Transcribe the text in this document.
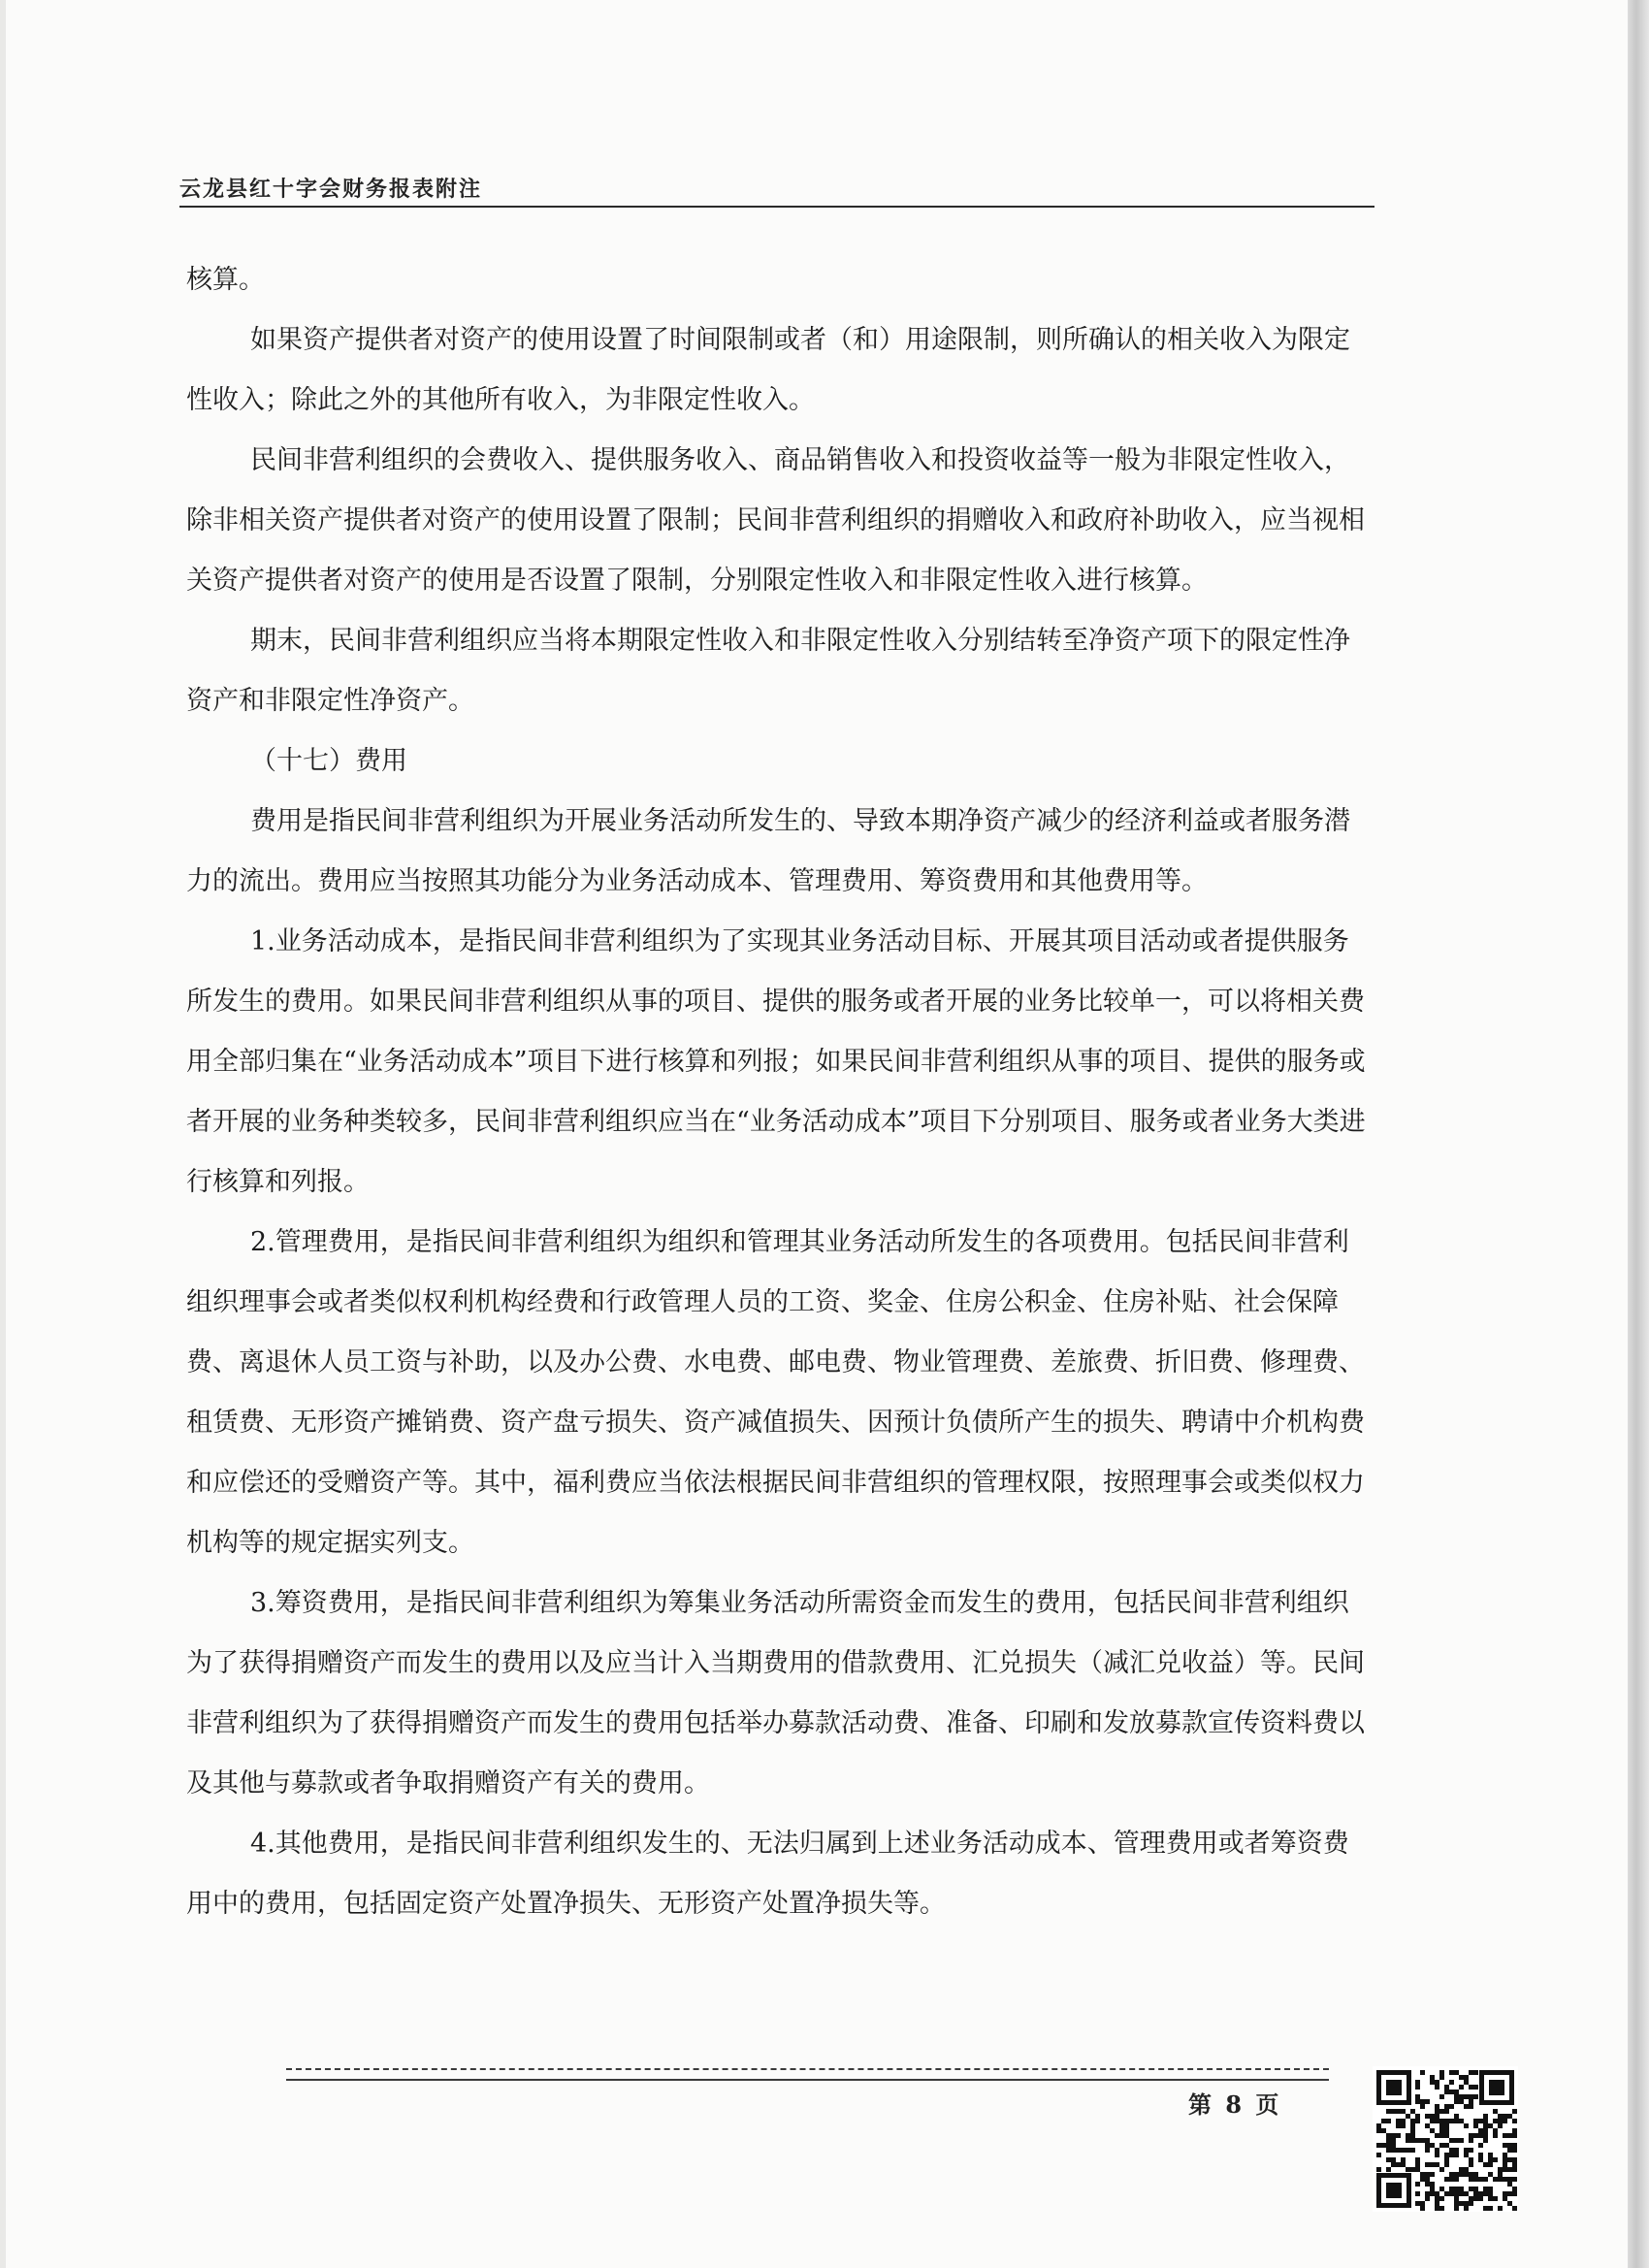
云龙县红十字会财务报表附注

核算。

如果资产提供者对资产的使用设置了时间限制或者（和）用途限制，则所确认的相关收入为限定性收入；除此之外的其他所有收入，为非限定性收入。

民间非营利组织的会费收入、提供服务收入、商品销售收入和投资收益等一般为非限定性收入，除非相关资产提供者对资产的使用设置了限制；民间非营利组织的捐赠收入和政府补助收入，应当视相关资产提供者对资产的使用是否设置了限制，分别限定性收入和非限定性收入进行核算。

期末，民间非营利组织应当将本期限定性收入和非限定性收入分别结转至净资产项下的限定性净资产和非限定性净资产。

（十七）费用

费用是指民间非营利组织为开展业务活动所发生的、导致本期净资产减少的经济利益或者服务潜力的流出。费用应当按照其功能分为业务活动成本、管理费用、筹资费用和其他费用等。

1.业务活动成本，是指民间非营利组织为了实现其业务活动目标、开展其项目活动或者提供服务所发生的费用。如果民间非营利组织从事的项目、提供的服务或者开展的业务比较单一，可以将相关费用全部归集在“业务活动成本”项目下进行核算和列报；如果民间非营利组织从事的项目、提供的服务或者开展的业务种类较多，民间非营利组织应当在“业务活动成本”项目下分别项目、服务或者业务大类进行核算和列报。

2.管理费用，是指民间非营利组织为组织和管理其业务活动所发生的各项费用。包括民间非营利组织理事会或者类似权利机构经费和行政管理人员的工资、奖金、住房公积金、住房补贴、社会保障费、离退休人员工资与补助，以及办公费、水电费、邮电费、物业管理费、差旅费、折旧费、修理费、租赁费、无形资产摊销费、资产盘亏损失、资产减值损失、因预计负债所产生的损失、聘请中介机构费和应偿还的受赠资产等。其中，福利费应当依法根据民间非营组织的管理权限，按照理事会或类似权力机构等的规定据实列支。

3.筹资费用，是指民间非营利组织为筹集业务活动所需资金而发生的费用，包括民间非营利组织为了获得捐赠资产而发生的费用以及应当计入当期费用的借款费用、汇兑损失（减汇兑收益）等。民间非营利组织为了获得捐赠资产而发生的费用包括举办募款活动费、准备、印刷和发放募款宣传资料费以及其他与募款或者争取捐赠资产有关的费用。

4.其他费用，是指民间非营利组织发生的、无法归属到上述业务活动成本、管理费用或者筹资费用中的费用，包括固定资产处置净损失、无形资产处置净损失等。

第 8 页
